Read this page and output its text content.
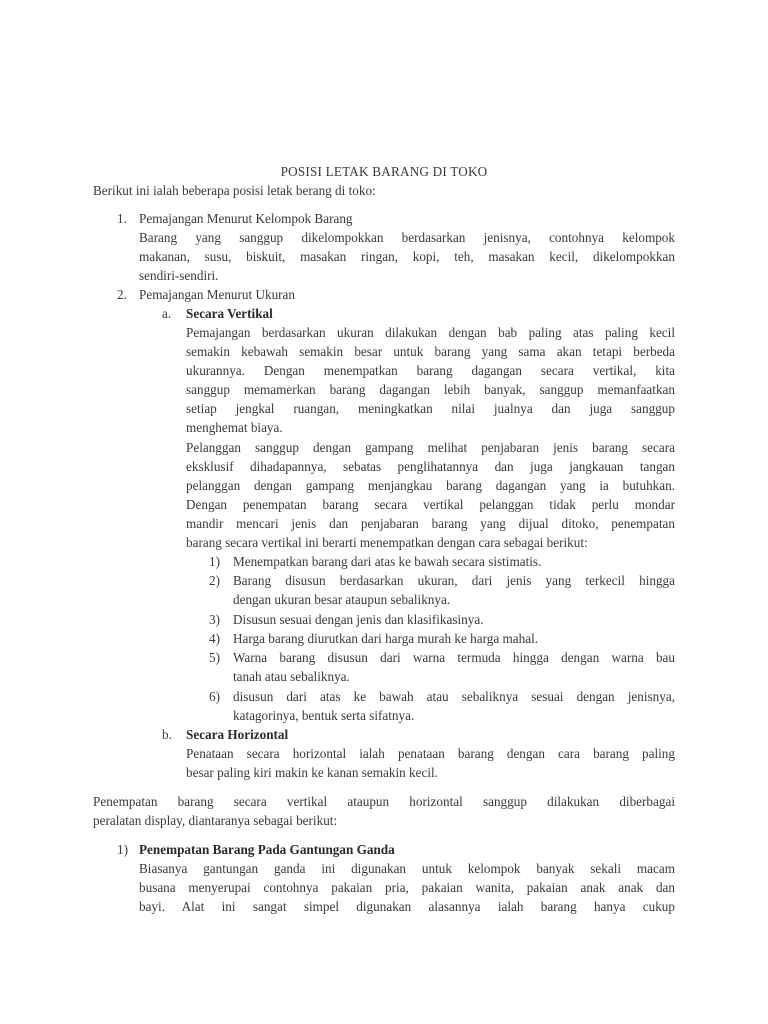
POSISI LETAK BARANG DI TOKO
Berikut ini ialah beberapa posisi letak berang di toko:
1. Pemajangan Menurut Kelompok Barang
Barang yang sanggup dikelompokkan berdasarkan jenisnya, contohnya kelompok
makanan, susu, biskuit, masakan ringan, kopi, teh, masakan kecil, dikelompokkan
sendiri-sendiri.
2. Pemajangan Menurut Ukuran
a. Secara Vertikal
Pemajangan berdasarkan ukuran dilakukan dengan bab paling atas paling kecil
semakin kebawah semakin besar untuk barang yang sama akan tetapi berbeda
ukurannya. Dengan menempatkan barang dagangan secara vertikal, kita
sanggup memamerkan barang dagangan lebih banyak, sanggup memanfaatkan
setiap jengkal ruangan, meningkatkan nilai jualnya dan juga sanggup
menghemat biaya.
Pelanggan sanggup dengan gampang melihat penjabaran jenis barang secara
eksklusif dihadapannya, sebatas penglihatannya dan juga jangkauan tangan
pelanggan dengan gampang menjangkau barang dagangan yang ia butuhkan.
Dengan penempatan barang secara vertikal pelanggan tidak perlu mondar
mandir mencari jenis dan penjabaran barang yang dijual ditoko, penempatan
barang secara vertikal ini berarti menempatkan dengan cara sebagai berikut:
1) Menempatkan barang dari atas ke bawah secara sistimatis.
2) Barang disusun berdasarkan ukuran, dari jenis yang terkecil hingga
dengan ukuran besar ataupun sebaliknya.
3) Disusun sesuai dengan jenis dan klasifikasinya.
4) Harga barang diurutkan dari harga murah ke harga mahal.
5) Warna barang disusun dari warna termuda hingga dengan warna bau
tanah atau sebaliknya.
6) disusun dari atas ke bawah atau sebaliknya sesuai dengan jenisnya,
katagorinya, bentuk serta sifatnya.
b. Secara Horizontal
Penataan secara horizontal ialah penataan barang dengan cara barang paling
besar paling kiri makin ke kanan semakin kecil.
Penempatan barang secara vertikal ataupun horizontal sanggup dilakukan diberbagai
peralatan display, diantaranya sebagai berikut:
1) Penempatan Barang Pada Gantungan Ganda
Biasanya gantungan ganda ini digunakan untuk kelompok banyak sekali macam
busana menyerupai contohnya pakaian pria, pakaian wanita, pakaian anak anak dan
bayi. Alat ini sangat simpel digunakan alasannya ialah barang hanya cukup
